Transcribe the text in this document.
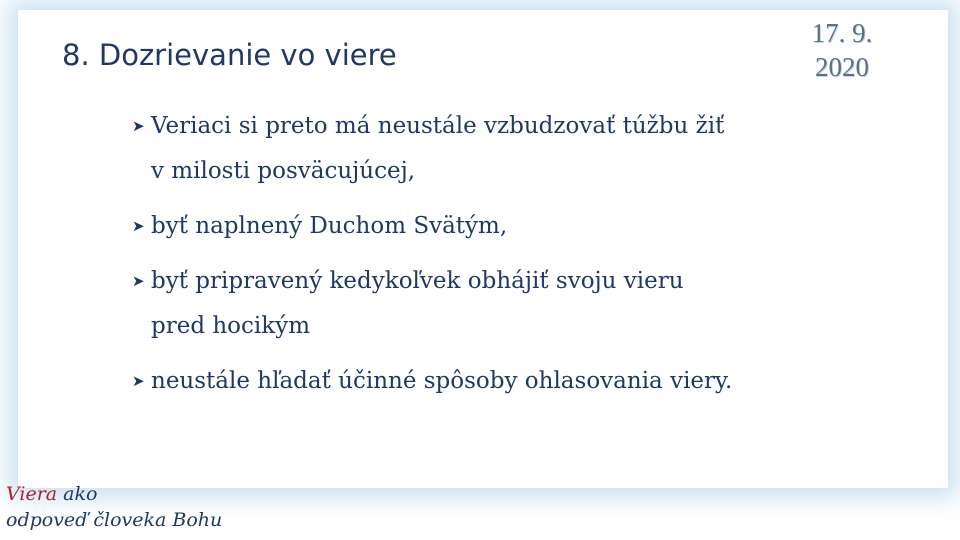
8. Dozrievanie vo viere
17. 9.
2020
➤ Veriaci si preto má neustále vzbudzovať túžbu žiť
v milosti posväcujúcej,
➤ byť naplnený Duchom Svätým,
➤ byť pripravený kedykoľvek obhájiť svoju vieru
pred hocikým
➤ neustále hľadať účinné spôsoby ohlasovania viery.
Viera ako
odpoveď človeka Bohu
